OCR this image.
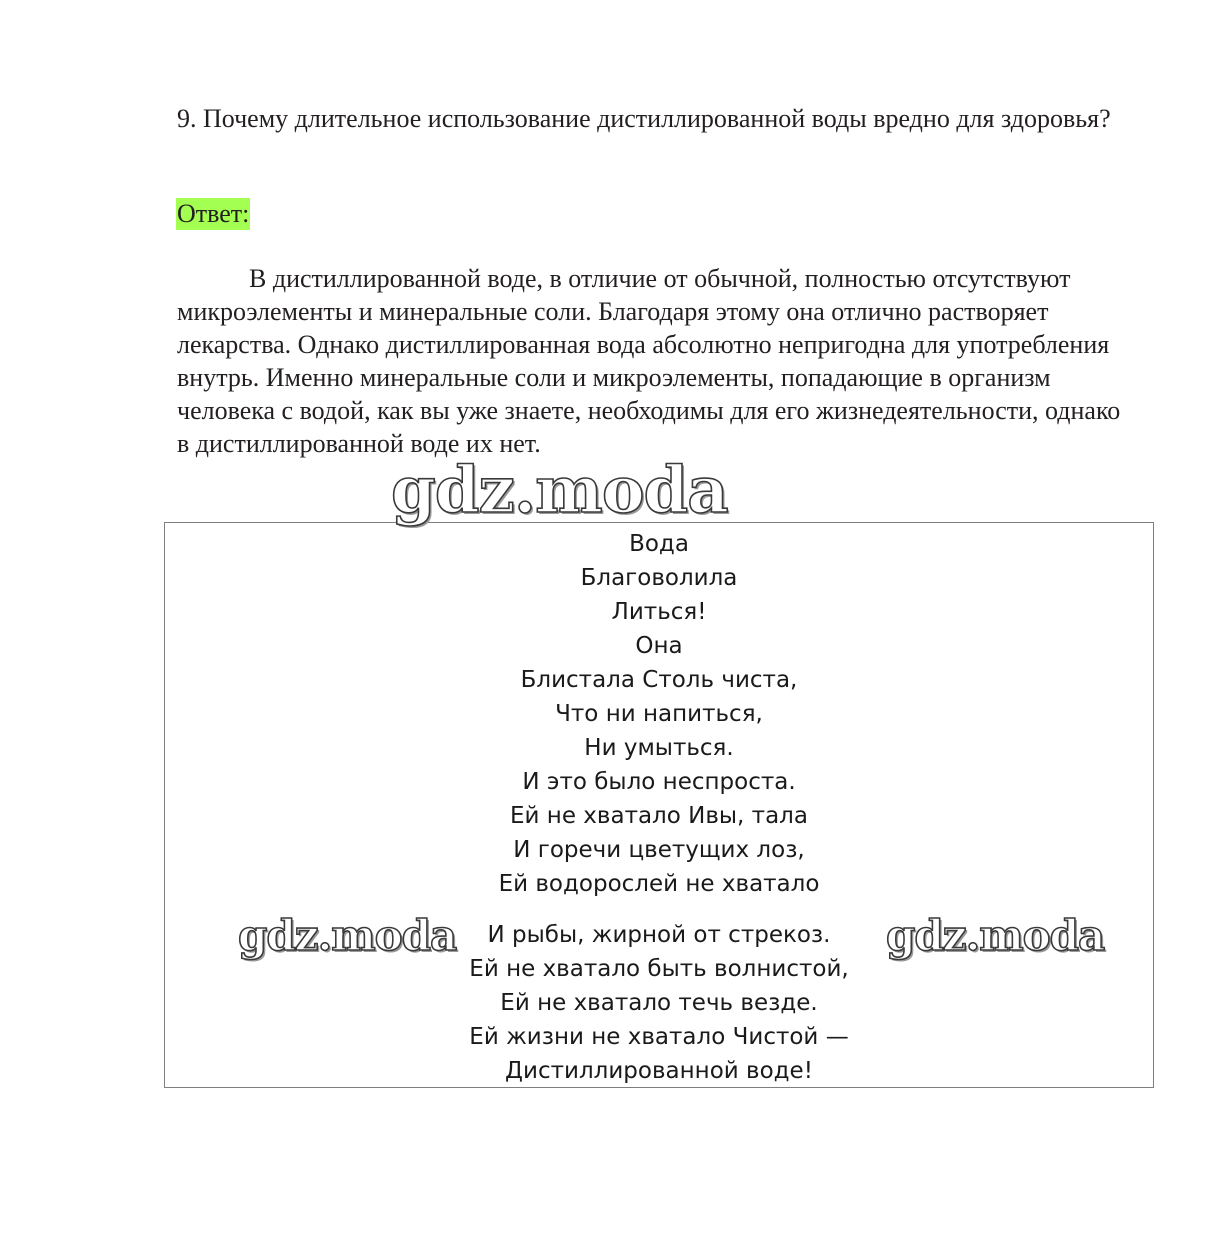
9. Почему длительное использование дистиллированной воды вредно для здоровья?
Ответ:
В дистиллированной воде, в отличие от обычной, полностью отсутствуют микроэлементы и минеральные соли. Благодаря этому она отлично растворяет лекарства. Однако дистиллированная вода абсолютно непригодна для употребления внутрь. Именно минеральные соли и микроэлементы, попадающие в организм человека с водой, как вы уже знаете, необходимы для его жизнедеятельности, однако в дистиллированной воде их нет.
Вода
Благоволила
Литься!
Она
Блистала Столь чиста,
Что ни напиться,
Ни умыться.
И это было неспроста.
Ей не хватало Ивы, тала
И горечи цветущих лоз,
Ей водорослей не хватало
И рыбы, жирной от стрекоз.
Ей не хватало быть волнистой,
Ей не хватало течь везде.
Ей жизни не хватало Чистой —
Дистиллированной воде!
gdz.moda
gdz.moda	gdz.moda
